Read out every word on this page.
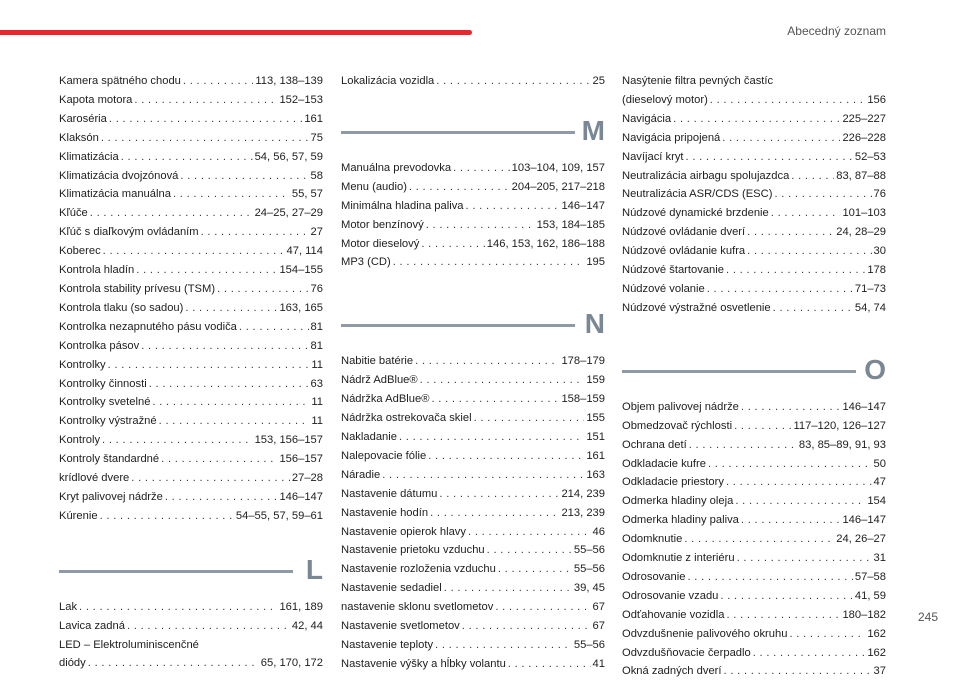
Abecedný zoznam
Kamera spätného chodu . . .	113, 138–139
Kapota motora . . .	152–153
Karoséria . . .	161
Klaksón . . .	75
Klimatizácia . . .	54, 56, 57, 59
Klimatizácia dvojzónová . . .	58
Klimatizácia manuálna . . .	55, 57
Kľúče . . .	24–25, 27–29
Kľúč s diaľkovým ovládaním . . .	27
Koberec . . .	47, 114
Kontrola hladín . . .	154–155
Kontrola stability prívesu (TSM) . . .	76
Kontrola tlaku (so sadou) . . .	163, 165
Kontrolka nezapnutého pásu vodiča . . .	81
Kontrolka pásov . . .	81
Kontrolky . . .	11
Kontrolky činnosti . . .	63
Kontrolky svetelné . . .	11
Kontrolky výstražné . . .	11
Kontroly . . .	153, 156–157
Kontroly štandardné . . .	156–157
krídlové dvere . . .	27–28
Kryt palivovej nádrže . . .	146–147
Kúrenie . . .	54–55, 57, 59–61
L
Lak . . .	161, 189
Lavica zadná . . .	42, 44
LED – Elektroluminiscenčné
diódy . . .	65, 170, 172
Lokalizácia vozidla . . .	25
M
Manuálna prevodovka . . .	103–104, 109, 157
Menu (audio) . . .	204–205, 217–218
Minimálna hladina paliva . . .	146–147
Motor benzínový . . .	153, 184–185
Motor dieselový . . .	146, 153, 162, 186–188
MP3 (CD) . . .	195
N
Nabitie batérie . . .	178–179
Nádrž AdBlue® . . .	159
Nádržka AdBlue® . . .	158–159
Nádržka ostrekovača skiel . . .	155
Nakladanie . . .	151
Nalepovacie fólie . . .	161
Náradie . . .	163
Nastavenie dátumu . . .	214, 239
Nastavenie hodín . . .	213, 239
Nastavenie opierok hlavy . . .	46
Nastavenie prietoku vzduchu . . .	55–56
Nastavenie rozloženia vzduchu . . .	55–56
Nastavenie sedadiel . . .	39, 45
nastavenie sklonu svetlometov . . .	67
Nastavenie svetlometov . . .	67
Nastavenie teploty . . .	55–56
Nastavenie výšky a hĺbky volantu . . .	41
Nasýtenie filtra pevných častíc
(dieselový motor) . . .	156
Navigácia . . .	225–227
Navigácia pripojená . . .	226–228
Navíjací kryt . . .	52–53
Neutralizácia airbagu spolujazdca . . .	83, 87–88
Neutralizácia ASR/CDS (ESC) . . .	76
Núdzové dynamické brzdenie . . .	101–103
Núdzové ovládanie dverí . . .	24, 28–29
Núdzové ovládanie kufra . . .	30
Núdzové štartovanie . . .	178
Núdzové volanie . . .	71–73
Núdzové výstražné osvetlenie . . .	54, 74
O
Objem palivovej nádrže . . .	146–147
Obmedzovač rýchlosti . . .	117–120, 126–127
Ochrana detí . . .	83, 85–89, 91, 93
Odkladacie kufre . . .	50
Odkladacie priestory . . .	47
Odmerka hladiny oleja . . .	154
Odmerka hladiny paliva . . .	146–147
Odomknutie . . .	24, 26–27
Odomknutie z interiéru . . .	31
Odrosovanie . . .	57–58
Odrosovanie vzadu . . .	41, 59
Odťahovanie vozidla . . .	180–182
Odvzdušnenie palivového okruhu . . .	162
Odvzdušňovacie čerpadlo . . .	162
Okná zadných dverí . . .	37
245
